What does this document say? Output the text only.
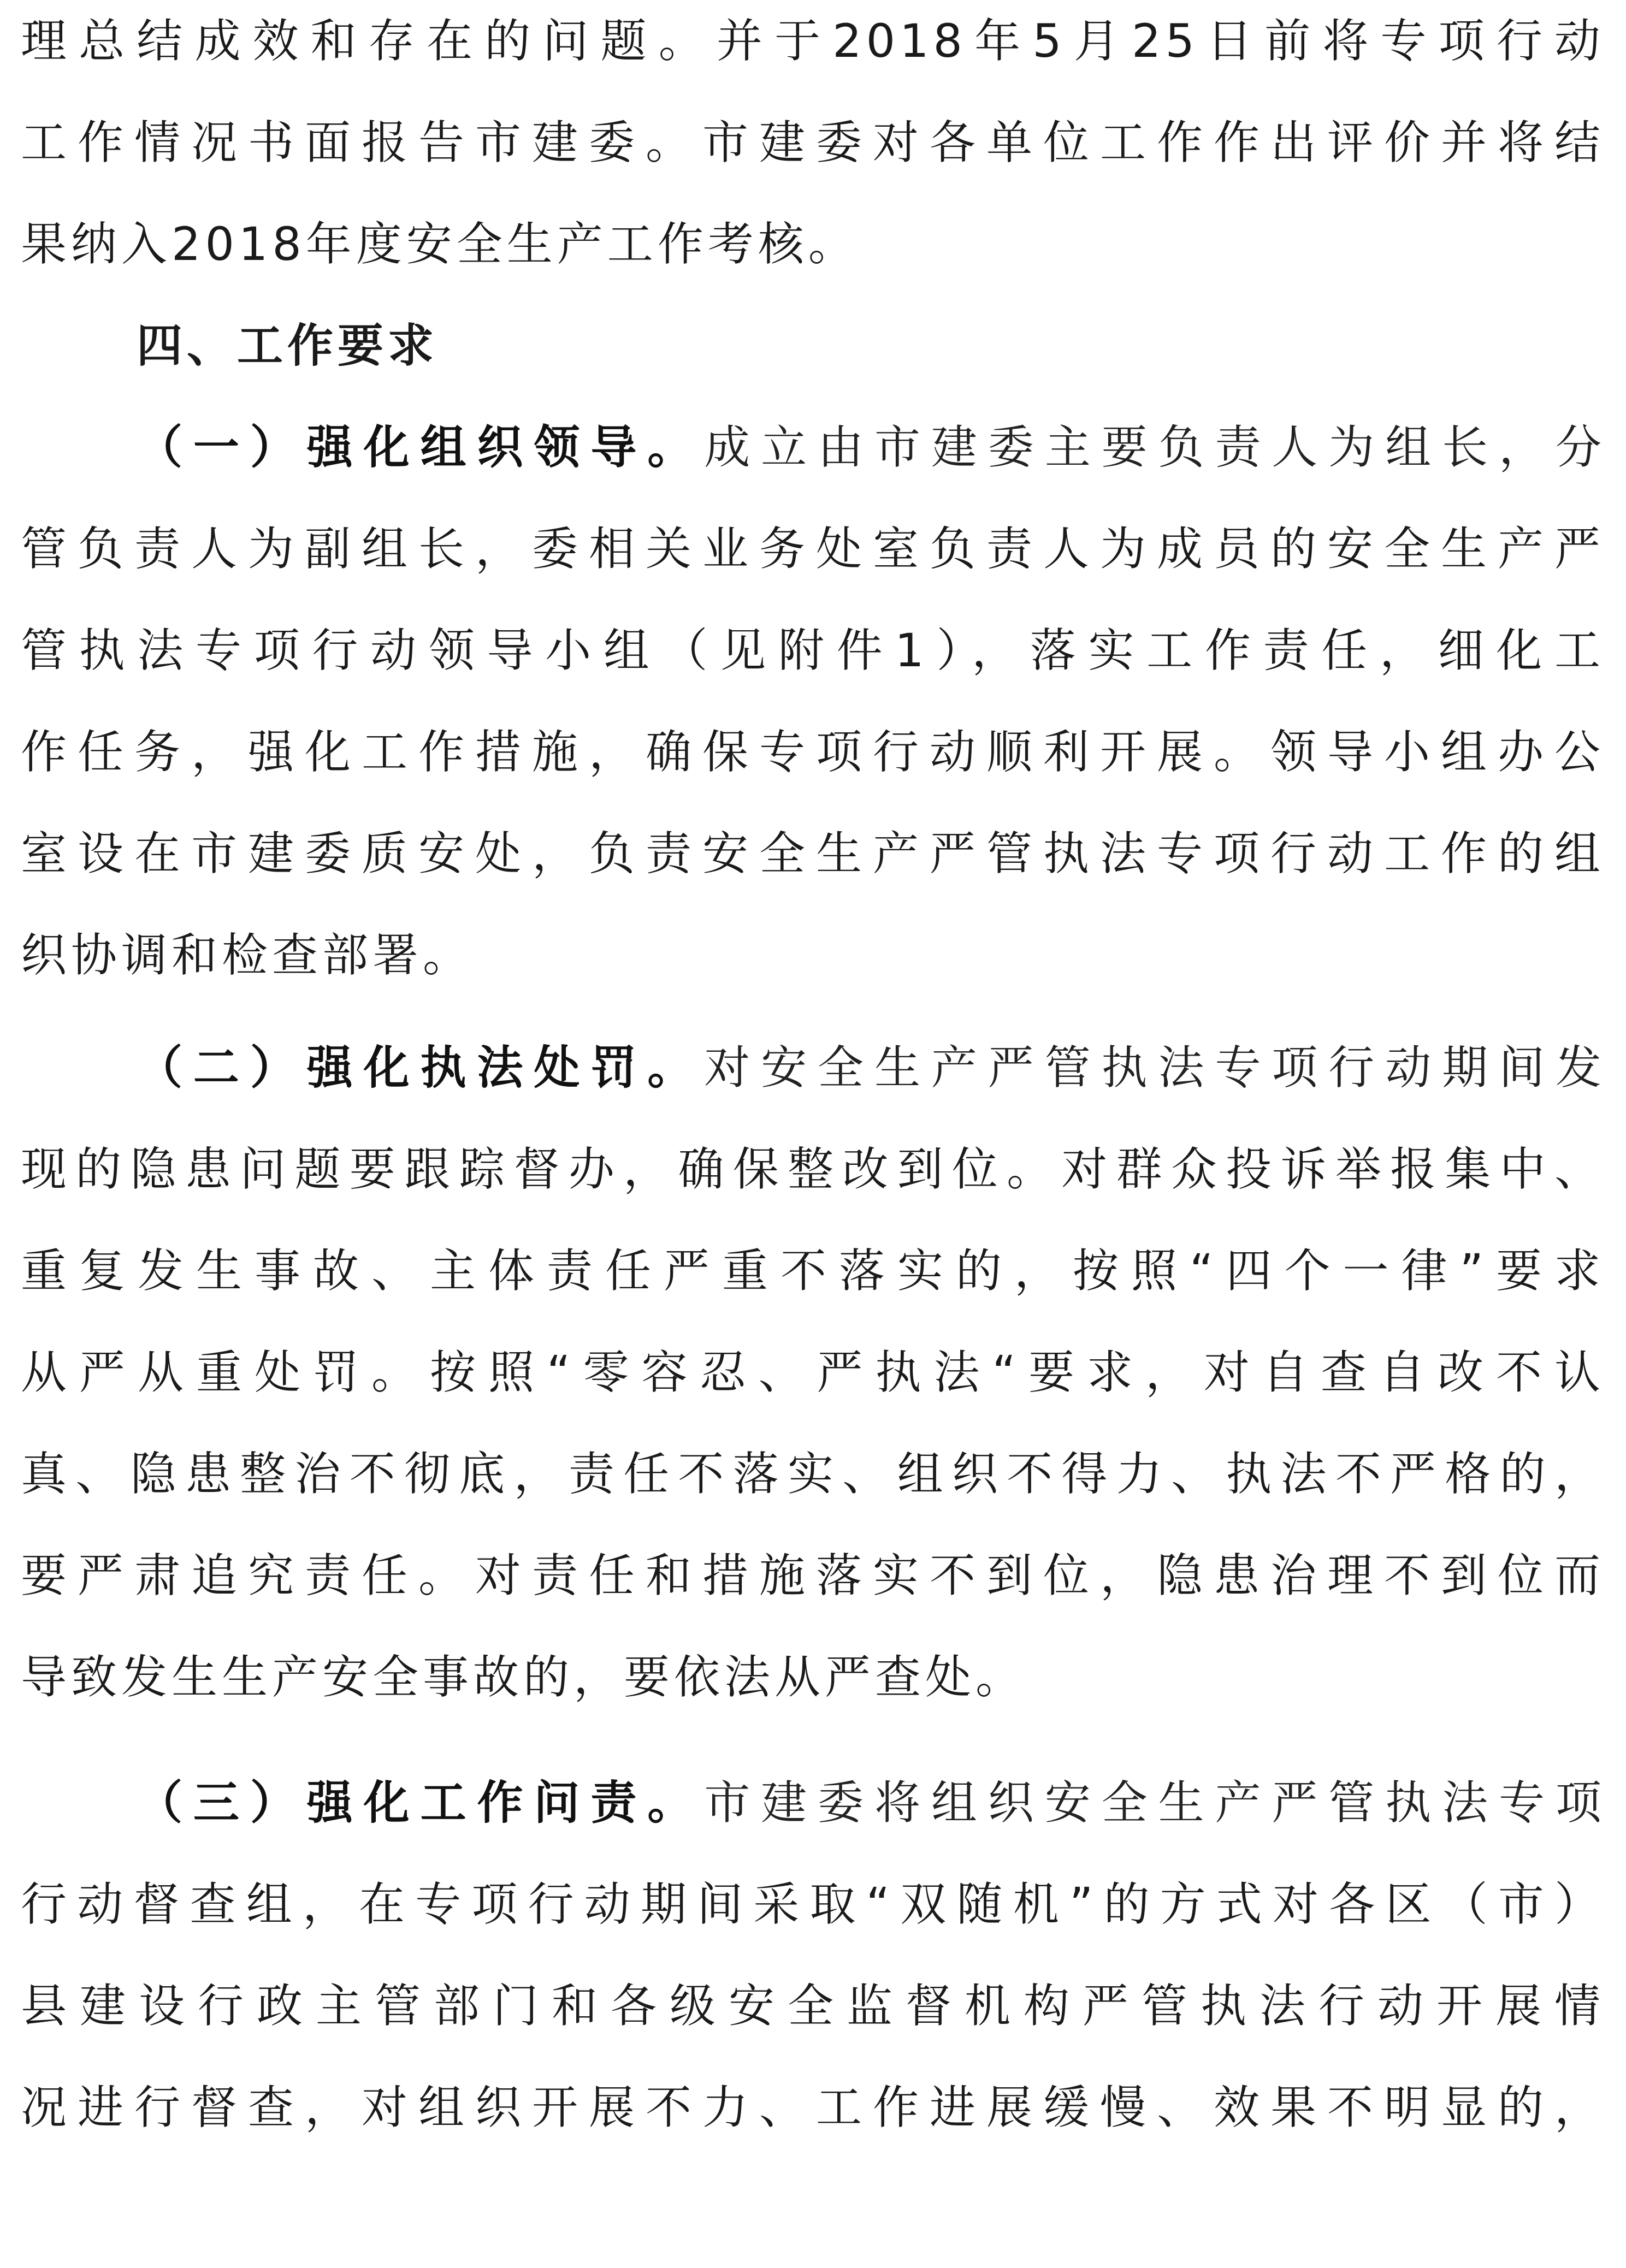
理总结成效和存在的问题。并于2018年5月25日前将专项行动
工作情况书面报告市建委。市建委对各单位工作作出评价并将结
果纳入2018年度安全生产工作考核。
四、工作要求
（一）强化组织领导。成立由市建委主要负责人为组长，分
管负责人为副组长，委相关业务处室负责人为成员的安全生产严
管执法专项行动领导小组（见附件1），落实工作责任，细化工
作任务，强化工作措施，确保专项行动顺利开展。领导小组办公
室设在市建委质安处，负责安全生产严管执法专项行动工作的组
织协调和检查部署。
（二）强化执法处罚。对安全生产严管执法专项行动期间发
现的隐患问题要跟踪督办，确保整改到位。对群众投诉举报集中、
重复发生事故、主体责任严重不落实的，按照“四个一律”要求
从严从重处罚。按照“零容忍、严执法“要求，对自查自改不认
真、隐患整治不彻底，责任不落实、组织不得力、执法不严格的，
要严肃追究责任。对责任和措施落实不到位，隐患治理不到位而
导致发生生产安全事故的，要依法从严查处。
（三）强化工作问责。市建委将组织安全生产严管执法专项
行动督查组，在专项行动期间采取“双随机”的方式对各区（市）
县建设行政主管部门和各级安全监督机构严管执法行动开展情
况进行督查，对组织开展不力、工作进展缓慢、效果不明显的，
